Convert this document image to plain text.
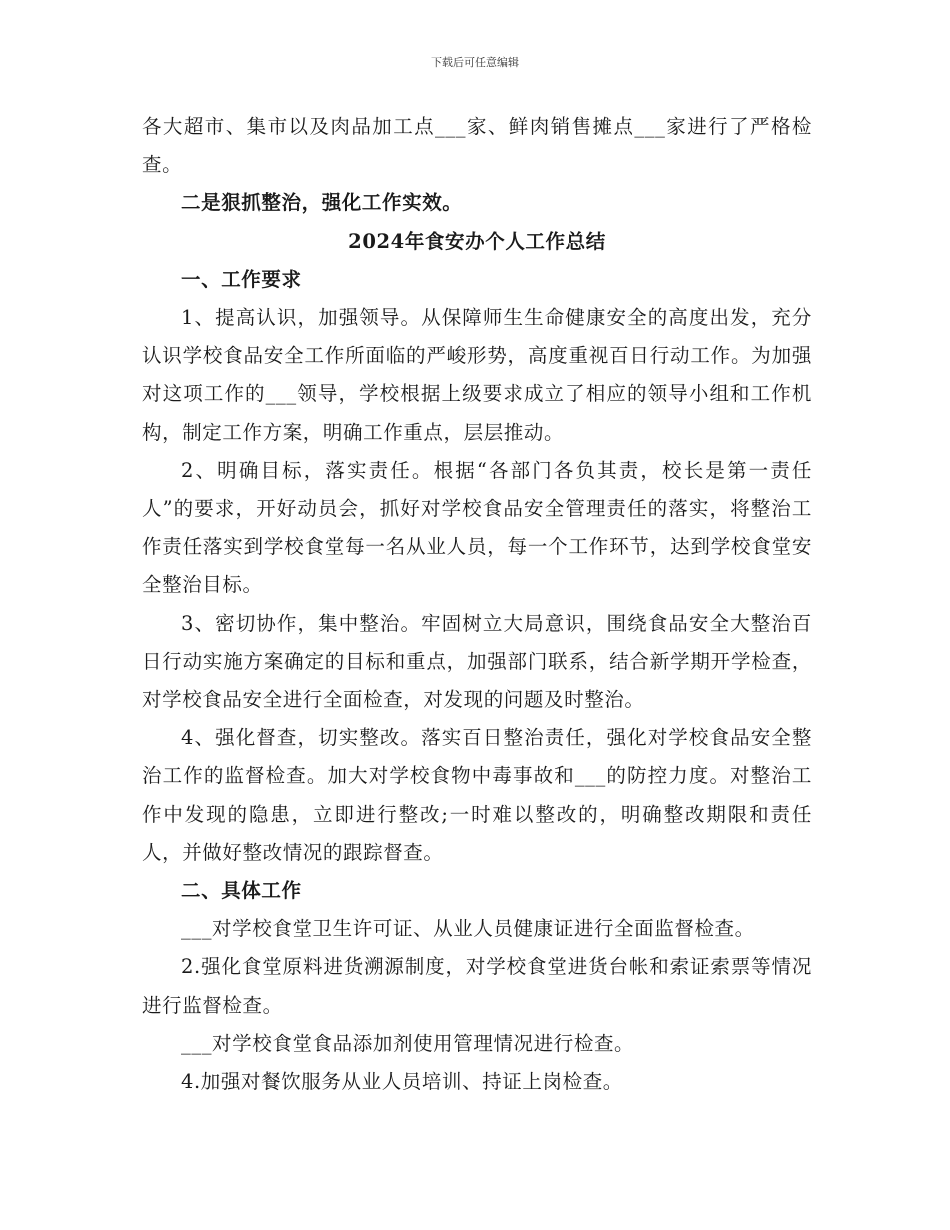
下载后可任意编辑

各大超市、集市以及肉品加工点___家、鲜肉销售摊点___家进行了严格检查。

二是狠抓整治，强化工作实效。

2024年食安办个人工作总结

一、工作要求

1、提高认识，加强领导。从保障师生生命健康安全的高度出发，充分认识学校食品安全工作所面临的严峻形势，高度重视百日行动工作。为加强对这项工作的___领导，学校根据上级要求成立了相应的领导小组和工作机构，制定工作方案，明确工作重点，层层推动。

2、明确目标，落实责任。根据“各部门各负其责，校长是第一责任人”的要求，开好动员会，抓好对学校食品安全管理责任的落实，将整治工作责任落实到学校食堂每一名从业人员，每一个工作环节，达到学校食堂安全整治目标。

3、密切协作，集中整治。牢固树立大局意识，围绕食品安全大整治百日行动实施方案确定的目标和重点，加强部门联系，结合新学期开学检查，对学校食品安全进行全面检查，对发现的问题及时整治。

4、强化督查，切实整改。落实百日整治责任，强化对学校食品安全整治工作的监督检查。加大对学校食物中毒事故和___的防控力度。对整治工作中发现的隐患，立即进行整改;一时难以整改的，明确整改期限和责任人，并做好整改情况的跟踪督查。

二、具体工作

___对学校食堂卫生许可证、从业人员健康证进行全面监督检查。

2.强化食堂原料进货溯源制度，对学校食堂进货台帐和索证索票等情况进行监督检查。

___对学校食堂食品添加剂使用管理情况进行检查。

4.加强对餐饮服务从业人员培训、持证上岗检查。
